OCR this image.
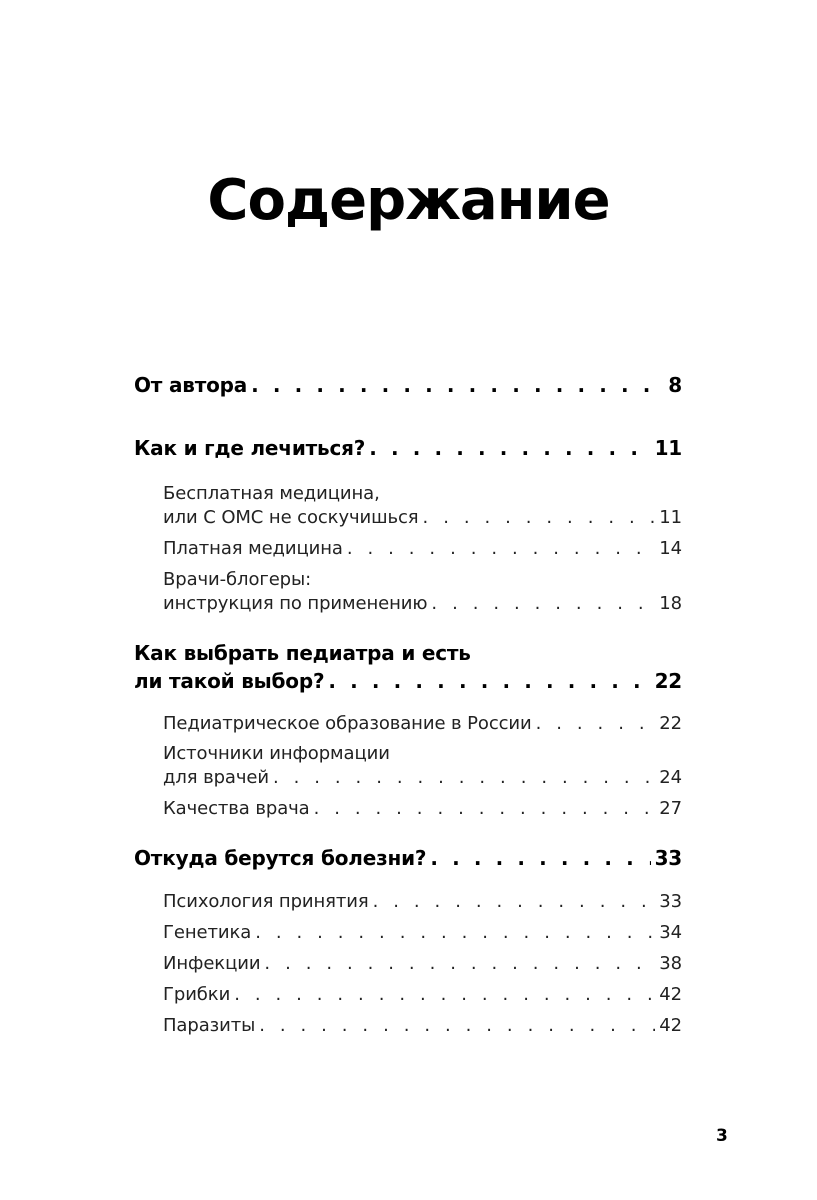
Содержание
От автора . . .	8
Как и где лечиться? . . .	11
Бесплатная медицина,
или С ОМС не соскучишься . . .	11
Платная медицина . . .	14
Врачи-блогеры:
инструкция по применению . . .	18
Как выбрать педиатра и есть
ли такой выбор? . . .	22
Педиатрическое образование в России . . .	22
Источники информации
для врачей . . .	24
Качества врача . . .	27
Откуда берутся болезни? . . .	33
Психология принятия . . .	33
Генетика . . .	34
Инфекции . . .	38
Грибки . . .	42
Паразиты . . .	42
3
